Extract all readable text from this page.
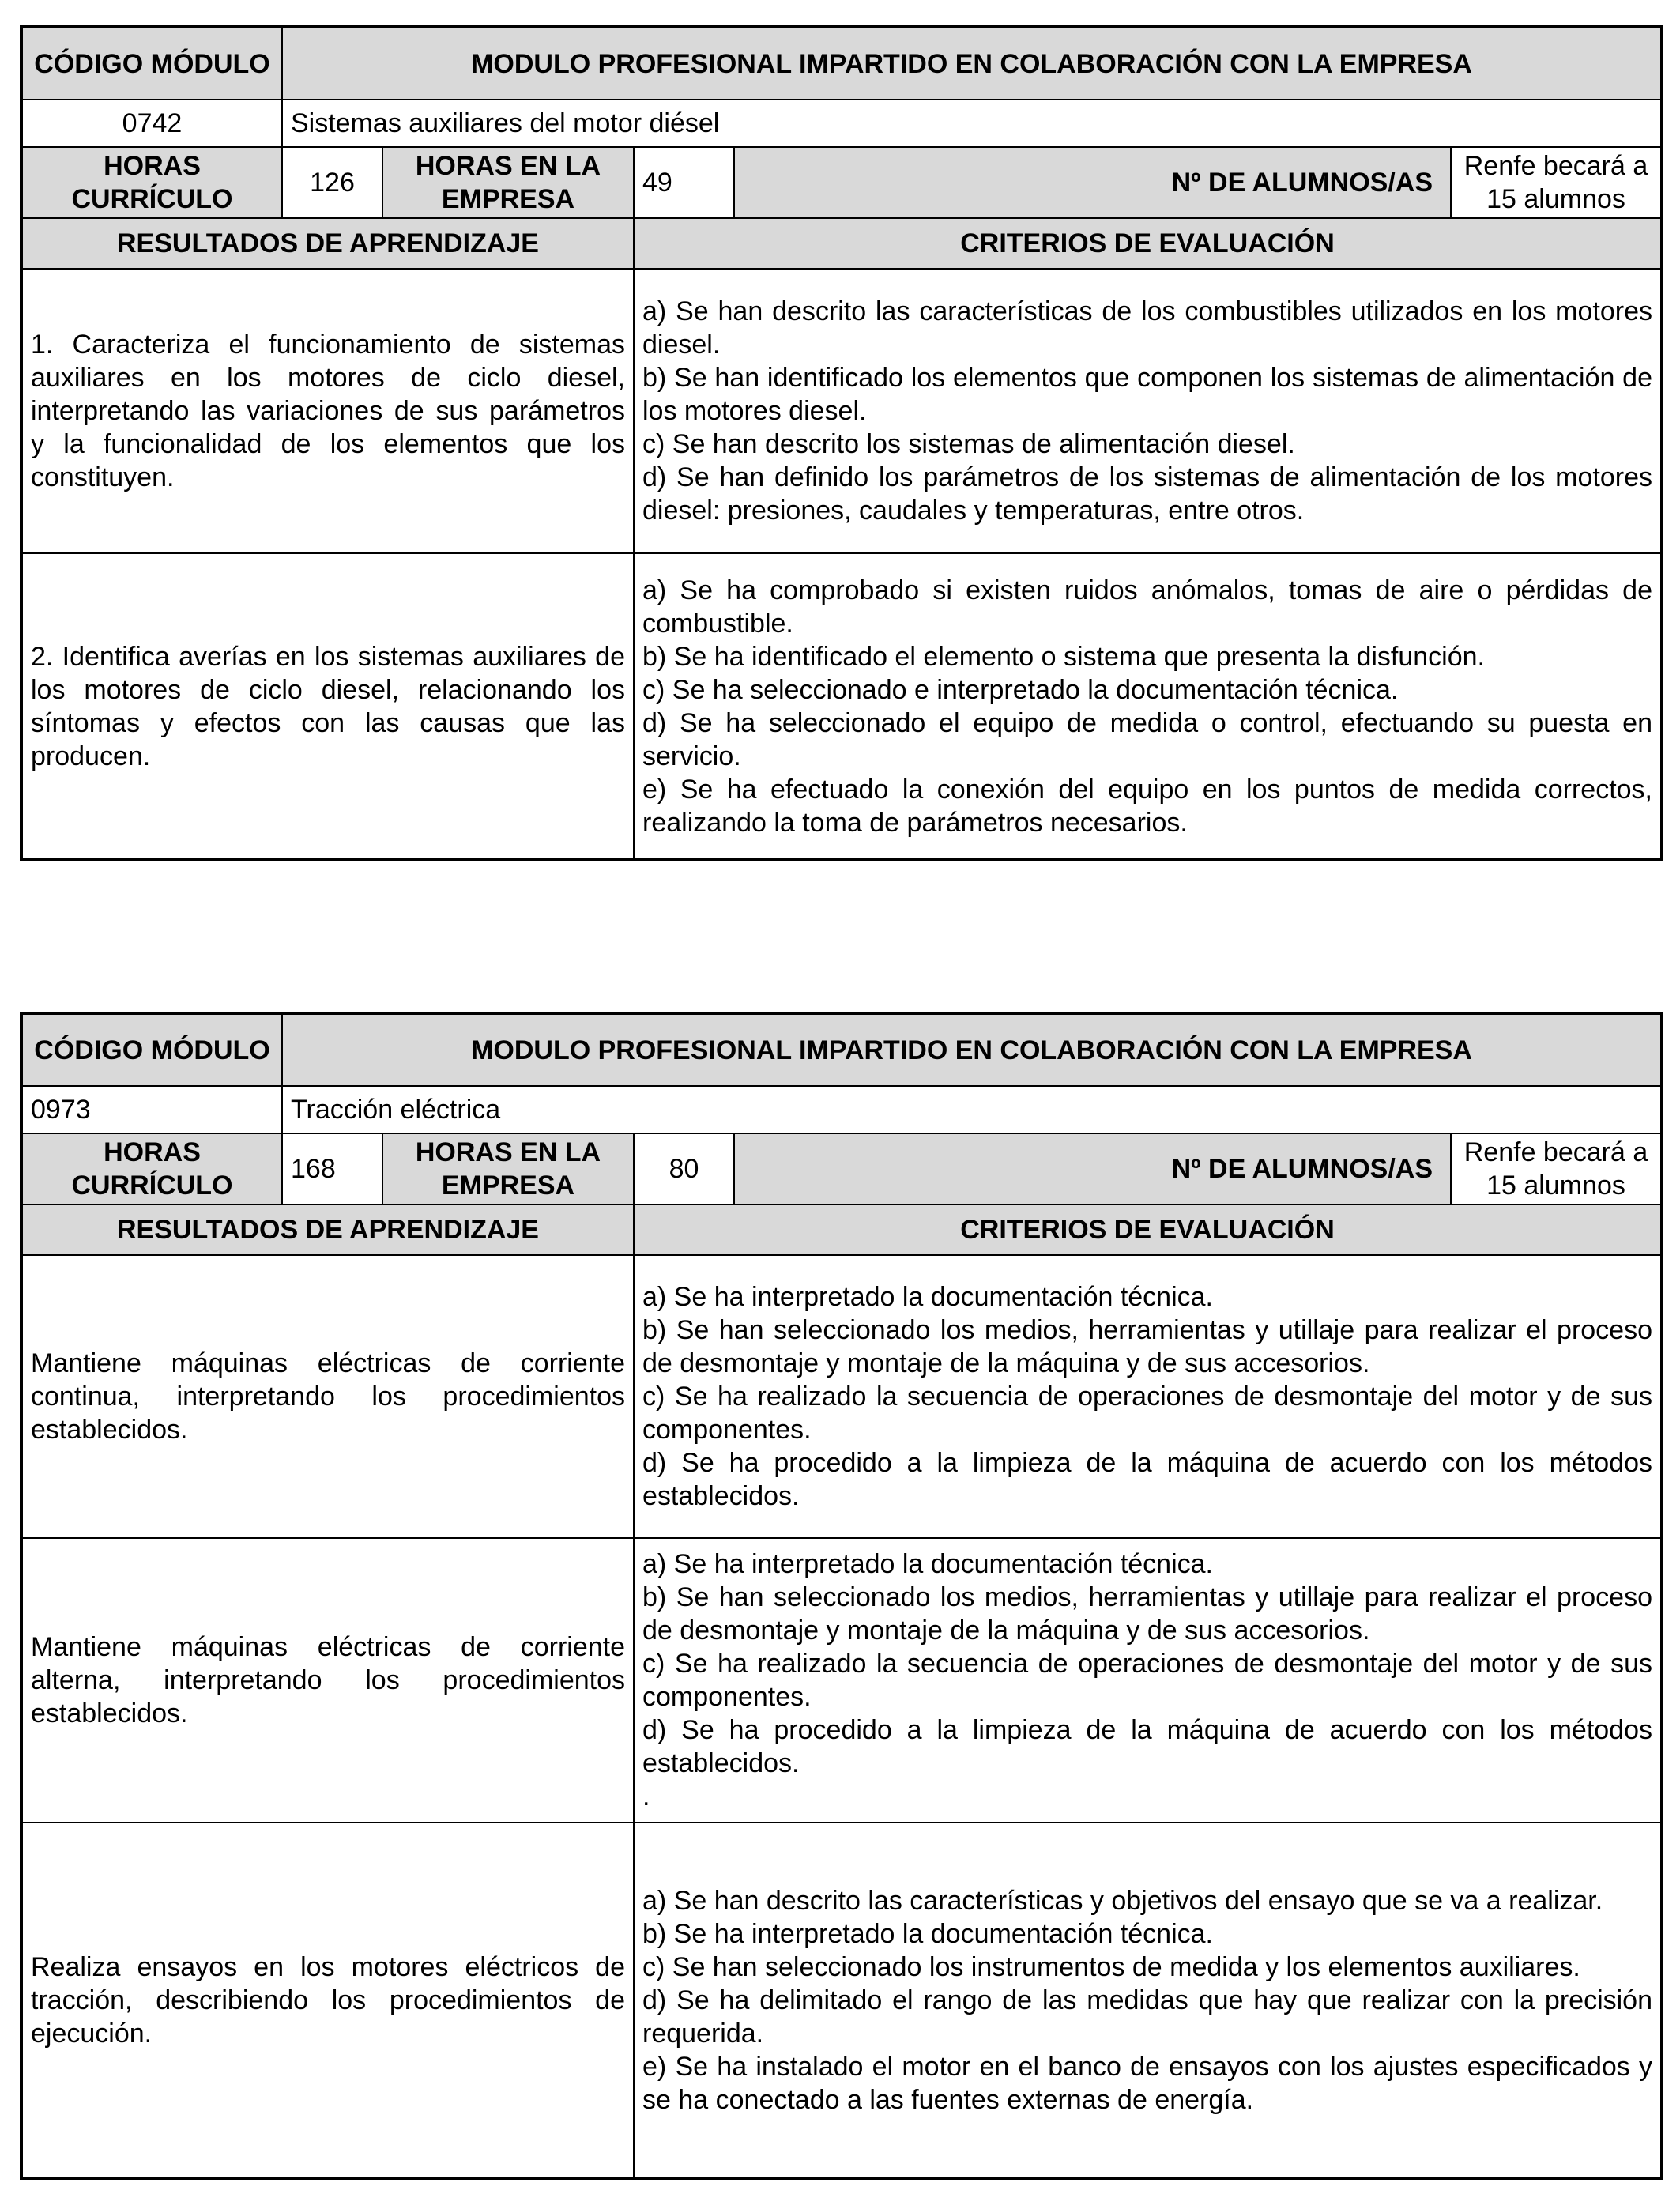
CÓDIGO MÓDULO	MODULO PROFESIONAL IMPARTIDO EN COLABORACIÓN CON LA EMPRESA				
0742	Sistemas auxiliares del motor diésel				
HORAS CURRÍCULO	126	HORAS EN LA EMPRESA	49	Nº DE ALUMNOS/AS	Renfe becará a 15 alumnos
RESULTADOS DE APRENDIZAJE			CRITERIOS DE EVALUACIÓN		
1. Caracteriza el funcionamiento de sistemas auxiliares en los motores de ciclo diesel, interpretando las variaciones de sus parámetros y la funcionalidad de los elementos que los constituyen.			a) Se han descrito las características de los combustibles utilizados en los motores diesel.
b) Se han identificado los elementos que componen los sistemas de alimentación de los motores diesel.
c) Se han descrito los sistemas de alimentación diesel.
d) Se han definido los parámetros de los sistemas de alimentación de los motores diesel: presiones, caudales y temperaturas, entre otros.		

2. Identifica averías en los sistemas auxiliares de los motores de ciclo diesel, relacionando los síntomas y efectos con las causas que las producen.			a) Se ha comprobado si existen ruidos anómalos, tomas de aire o pérdidas de combustible.
b) Se ha identificado el elemento o sistema que presenta la disfunción.
c) Se ha seleccionado e interpretado la documentación técnica.
d) Se ha seleccionado el equipo de medida o control, efectuando su puesta en servicio.
e) Se ha efectuado la conexión del equipo en los puntos de medida correctos, realizando la toma de parámetros necesarios.		
CÓDIGO MÓDULO	MODULO PROFESIONAL IMPARTIDO EN COLABORACIÓN CON LA EMPRESA				
0973	Tracción eléctrica				
HORAS CURRÍCULO	168	HORAS EN LA EMPRESA	80	Nº DE ALUMNOS/AS	Renfe becará a 15 alumnos
RESULTADOS DE APRENDIZAJE			CRITERIOS DE EVALUACIÓN		
Mantiene máquinas eléctricas de corriente continua, interpretando los procedimientos establecidos.			a) Se ha interpretado la documentación técnica.
b) Se han seleccionado los medios, herramientas y utillaje para realizar el proceso de desmontaje y montaje de la máquina y de sus accesorios.
c) Se ha realizado la secuencia de operaciones de desmontaje del motor y de sus componentes.
d) Se ha procedido a la limpieza de la máquina de acuerdo con los métodos establecidos.		

Mantiene máquinas eléctricas de corriente alterna, interpretando los procedimientos establecidos.			a) Se ha interpretado la documentación técnica.
b) Se han seleccionado los medios, herramientas y utillaje para realizar el proceso de desmontaje y montaje de la máquina y de sus accesorios.
c) Se ha realizado la secuencia de operaciones de desmontaje del motor y de sus componentes.
d) Se ha procedido a la limpieza de la máquina de acuerdo con los métodos establecidos.
.		

Realiza ensayos en los motores eléctricos de tracción, describiendo los procedimientos de ejecución.			a) Se han descrito las características y objetivos del ensayo que se va a realizar.
b) Se ha interpretado la documentación técnica.
c) Se han seleccionado los instrumentos de medida y los elementos auxiliares.
d) Se ha delimitado el rango de las medidas que hay que realizar con la precisión requerida.
e) Se ha instalado el motor en el banco de ensayos con los ajustes especificados y se ha conectado a las fuentes externas de energía.		
